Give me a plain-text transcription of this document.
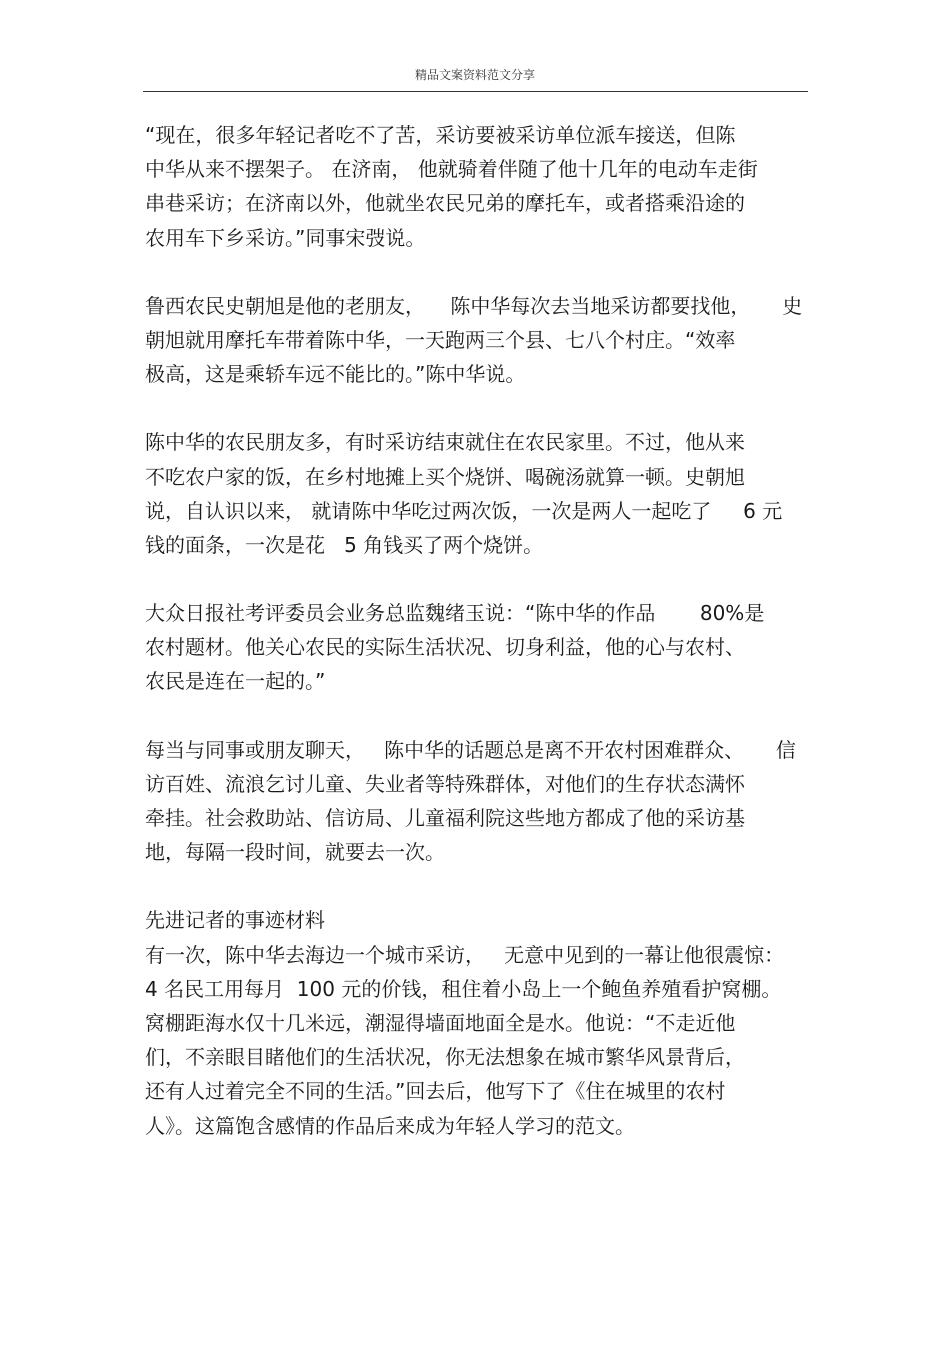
精品文案资料范文分享
“现在，很多年轻记者吃不了苦，采访要被采访单位派车接送，但陈
中华从来不摆架子。 在济南， 他就骑着伴随了他十几年的电动车走街
串巷采访；在济南以外，他就坐农民兄弟的摩托车，或者搭乘沿途的
农用车下乡采访。”同事宋弢说。
鲁西农民史朝旭是他的老朋友，    陈中华每次去当地采访都要找他，     史
朝旭就用摩托车带着陈中华，一天跑两三个县、七八个村庄。“效率
极高，这是乘轿车远不能比的。”陈中华说。
陈中华的农民朋友多，有时采访结束就住在农民家里。不过，他从来
不吃农户家的饭，在乡村地摊上买个烧饼、喝碗汤就算一顿。史朝旭
说，自认识以来， 就请陈中华吃过两次饭，一次是两人一起吃了     6 元
钱的面条，一次是花   5 角钱买了两个烧饼。
大众日报社考评委员会业务总监魏绪玉说：“陈中华的作品       80%是
农村题材。他关心农民的实际生活状况、切身利益，他的心与农村、
农民是连在一起的。”
每当与同事或朋友聊天，   陈中华的话题总是离不开农村困难群众、     信
访百姓、流浪乞讨儿童、失业者等特殊群体，对他们的生存状态满怀
牵挂。社会救助站、信访局、儿童福利院这些地方都成了他的采访基
地，每隔一段时间，就要去一次。
先进记者的事迹材料
有一次，陈中华去海边一个城市采访，   无意中见到的一幕让他很震惊：
4 名民工用每月  100 元的价钱，租住着小岛上一个鲍鱼养殖看护窝棚。
窝棚距海水仅十几米远，潮湿得墙面地面全是水。他说：“不走近他
们，不亲眼目睹他们的生活状况，你无法想象在城市繁华风景背后，
还有人过着完全不同的生活。”回去后，他写下了《住在城里的农村
人》。这篇饱含感情的作品后来成为年轻人学习的范文。
